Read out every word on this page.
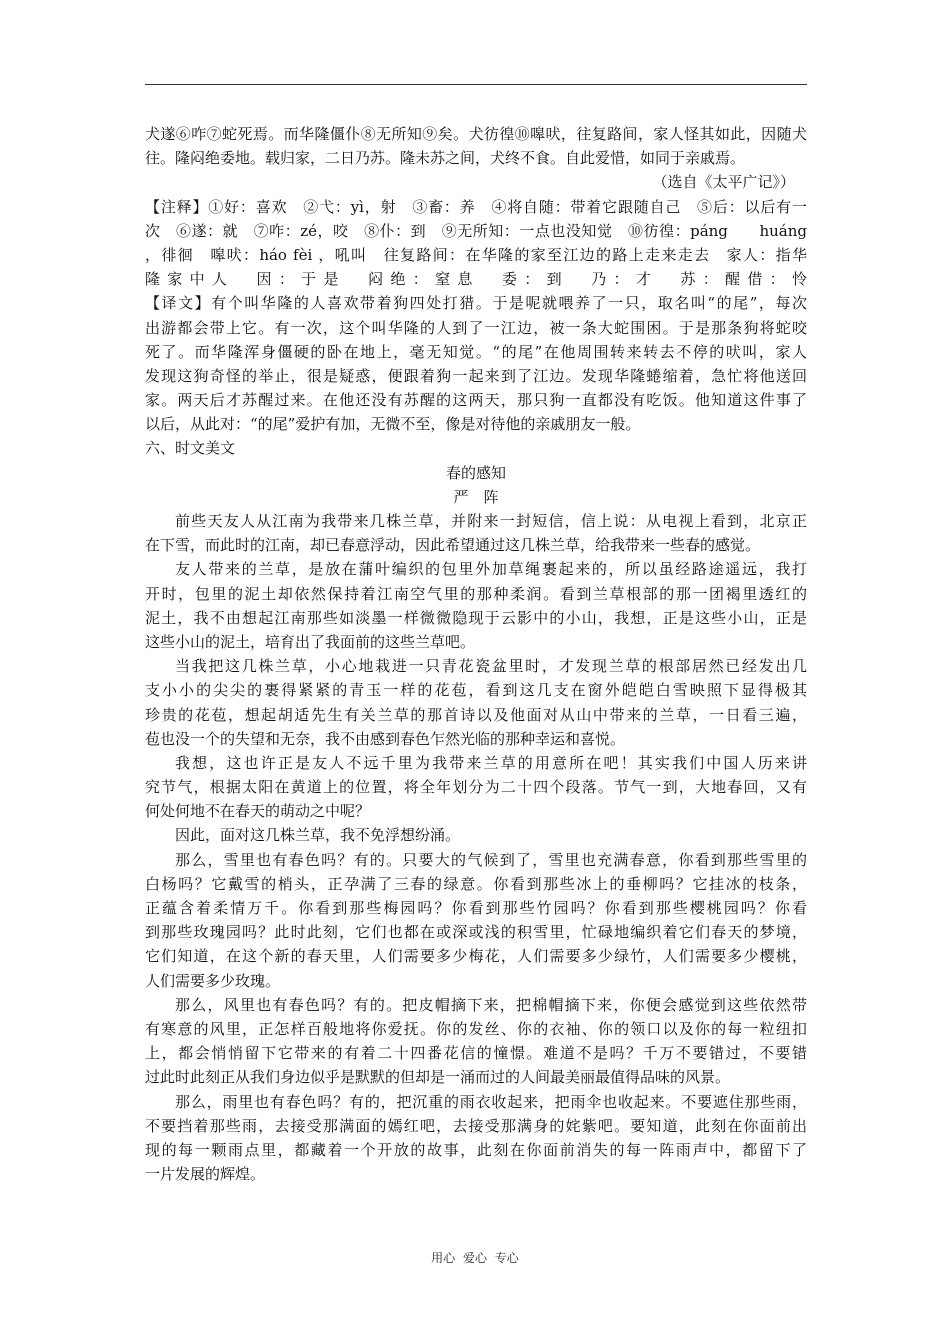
犬遂⑥咋⑦蛇死焉。而华隆僵仆⑧无所知⑨矣。犬彷徨⑩嗥吠，往复路间，家人怪其如此，因随犬
往。隆闷绝委地。载归家，二日乃苏。隆未苏之间，犬终不食。自此爱惜，如同于亲戚焉。
（选自《太平广记》）
【注释】①好：喜欢　②弋：yì，射　③畜：养　④将自随：带着它跟随自己　⑤后：以后有一
次　⑥遂：就　⑦咋：zé，咬　⑧仆：到　⑨无所知：一点也没知觉　⑩彷徨：páng　　huáng
，徘徊　嗥吠：háo fèi ，吼叫　往复路间：在华隆的家至江边的路上走来走去　家人：指华
隆家中人　因：于是　闷绝：窒息　委：到　乃：才　苏：醒借：怜
【译文】有个叫华隆的人喜欢带着狗四处打猎。于是呢就喂养了一只，取名叫“的尾”，每次
出游都会带上它。有一次，这个叫华隆的人到了一江边，被一条大蛇围困。于是那条狗将蛇咬
死了。而华隆浑身僵硬的卧在地上，毫无知觉。“的尾”在他周围转来转去不停的吠叫，家人
发现这狗奇怪的举止，很是疑惑，便跟着狗一起来到了江边。发现华隆蜷缩着，急忙将他送回
家。两天后才苏醒过来。在他还没有苏醒的这两天，那只狗一直都没有吃饭。他知道这件事了
以后，从此对：“的尾”爱护有加，无微不至，像是对待他的亲戚朋友一般。
六、时文美文
春的感知
严　阵
前些天友人从江南为我带来几株兰草，并附来一封短信，信上说：从电视上看到，北京正
在下雪，而此时的江南，却已春意浮动，因此希望通过这几株兰草，给我带来一些春的感觉。
友人带来的兰草，是放在蒲叶编织的包里外加草绳裹起来的，所以虽经路途遥远，我打
开时，包里的泥土却依然保持着江南空气里的那种柔润。看到兰草根部的那一团褐里透红的
泥土，我不由想起江南那些如淡墨一样微微隐现于云影中的小山，我想，正是这些小山，正是
这些小山的泥土，培育出了我面前的这些兰草吧。
当我把这几株兰草，小心地栽进一只青花瓷盆里时，才发现兰草的根部居然已经发出几
支小小的尖尖的裹得紧紧的青玉一样的花苞，看到这几支在窗外皑皑白雪映照下显得极其
珍贵的花苞，想起胡适先生有关兰草的那首诗以及他面对从山中带来的兰草，一日看三遍，
苞也没一个的失望和无奈，我不由感到春色乍然光临的那种幸运和喜悦。
我想，这也许正是友人不远千里为我带来兰草的用意所在吧！其实我们中国人历来讲
究节气，根据太阳在黄道上的位置，将全年划分为二十四个段落。节气一到，大地春回，又有
何处何地不在春天的萌动之中呢？
因此，面对这几株兰草，我不免浮想纷涌。
那么，雪里也有春色吗？有的。只要大的气候到了，雪里也充满春意，你看到那些雪里的
白杨吗？它戴雪的梢头，正孕满了三春的绿意。你看到那些冰上的垂柳吗？它挂冰的枝条，
正蕴含着柔情万千。你看到那些梅园吗？你看到那些竹园吗？你看到那些樱桃园吗？你看
到那些玫瑰园吗？此时此刻，它们也都在或深或浅的积雪里，忙碌地编织着它们春天的梦境，
它们知道，在这个新的春天里，人们需要多少梅花，人们需要多少绿竹，人们需要多少樱桃，
人们需要多少玫瑰。
那么，风里也有春色吗？有的。把皮帽摘下来，把棉帽摘下来，你便会感觉到这些依然带
有寒意的风里，正怎样百般地将你爱抚。你的发丝、你的衣袖、你的领口以及你的每一粒纽扣
上，都会悄悄留下它带来的有着二十四番花信的憧憬。难道不是吗？千万不要错过，不要错
过此时此刻正从我们身边似乎是默默的但却是一涌而过的人间最美丽最值得品味的风景。
那么，雨里也有春色吗？有的，把沉重的雨衣收起来，把雨伞也收起来。不要遮住那些雨，
不要挡着那些雨，去接受那满面的嫣红吧，去接受那满身的姹紫吧。要知道，此刻在你面前出
现的每一颗雨点里，都藏着一个开放的故事，此刻在你面前消失的每一阵雨声中，都留下了
一片发展的辉煌。
用心 爱心 专心
